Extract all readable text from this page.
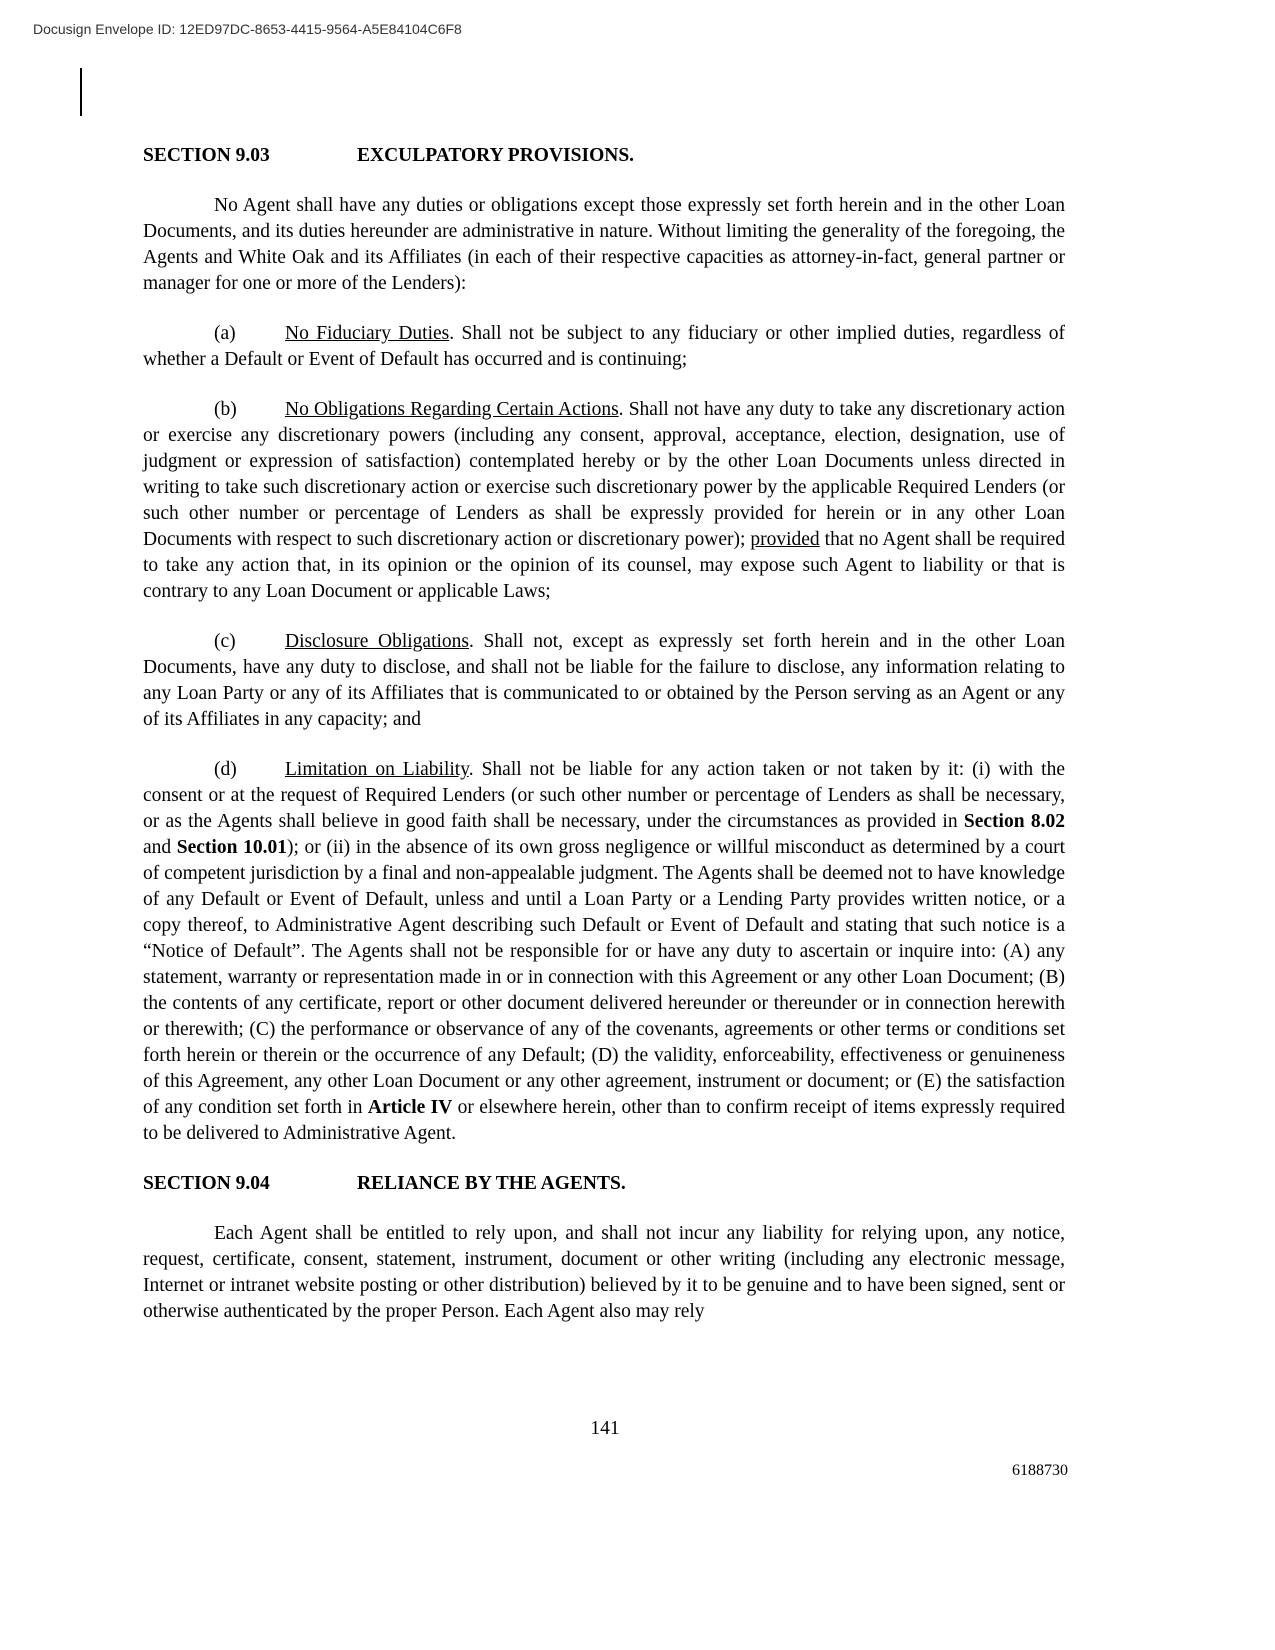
Docusign Envelope ID: 12ED97DC-8653-4415-9564-A5E84104C6F8
SECTION 9.03	EXCULPATORY PROVISIONS.

No Agent shall have any duties or obligations except those expressly set forth herein and in the other Loan Documents, and its duties hereunder are administrative in nature. Without limiting the generality of the foregoing, the Agents and White Oak and its Affiliates (in each of their respective capacities as attorney-in-fact, general partner or manager for one or more of the Lenders):

(a)	No Fiduciary Duties. Shall not be subject to any fiduciary or other implied duties, regardless of whether a Default or Event of Default has occurred and is continuing;

(b) No Obligations Regarding Certain Actions. Shall not have any duty to take any discretionary action or exercise any discretionary powers (including any consent, approval, acceptance, election, designation, use of judgment or expression of satisfaction) contemplated hereby or by the other Loan Documents unless directed in writing to take such discretionary action or exercise such discretionary power by the applicable Required Lenders (or such other number or percentage of Lenders as shall be expressly provided for herein or in any other Loan Documents with respect to such discretionary action or discretionary power); provided that no Agent shall be required to take any action that, in its opinion or the opinion of its counsel, may expose such Agent to liability or that is contrary to any Loan Document or applicable Laws;

(c)	Disclosure Obligations. Shall not, except as expressly set forth herein and in the other Loan Documents, have any duty to disclose, and shall not be liable for the failure to disclose, any information relating to any Loan Party or any of its Affiliates that is communicated to or obtained by the Person serving as an Agent or any of its Affiliates in any capacity; and

(d) Limitation on Liability. Shall not be liable for any action taken or not taken by it: (i) with the consent or at the request of Required Lenders (or such other number or percentage of Lenders as shall be necessary, or as the Agents shall believe in good faith shall be necessary, under the circumstances as provided in Section 8.02 and Section 10.01); or (ii) in the absence of its own gross negligence or willful misconduct as determined by a court of competent jurisdiction by a final and non-appealable judgment. The Agents shall be deemed not to have knowledge of any Default or Event of Default, unless and until a Loan Party or a Lending Party provides written notice, or a copy thereof, to Administrative Agent describing such Default or Event of Default and stating that such notice is a “Notice of Default”. The Agents shall not be responsible for or have any duty to ascertain or inquire into: (A) any statement, warranty or representation made in or in connection with this Agreement or any other Loan Document; (B) the contents of any certificate, report or other document delivered hereunder or thereunder or in connection herewith or therewith; (C) the performance or observance of any of the covenants, agreements or other terms or conditions set forth herein or therein or the occurrence of any Default; (D) the validity, enforceability, effectiveness or genuineness of this Agreement, any other Loan Document or any other agreement, instrument or document; or (E) the satisfaction of any condition set forth in Article IV or elsewhere herein, other than to confirm receipt of items expressly required to be delivered to Administrative Agent.

SECTION 9.04	RELIANCE BY THE AGENTS.

Each Agent shall be entitled to rely upon, and shall not incur any liability for relying upon, any notice, request, certificate, consent, statement, instrument, document or other writing (including any electronic message, Internet or intranet website posting or other distribution) believed by it to be genuine and to have been signed, sent or otherwise authenticated by the proper Person. Each Agent also may rely

141
6188730
